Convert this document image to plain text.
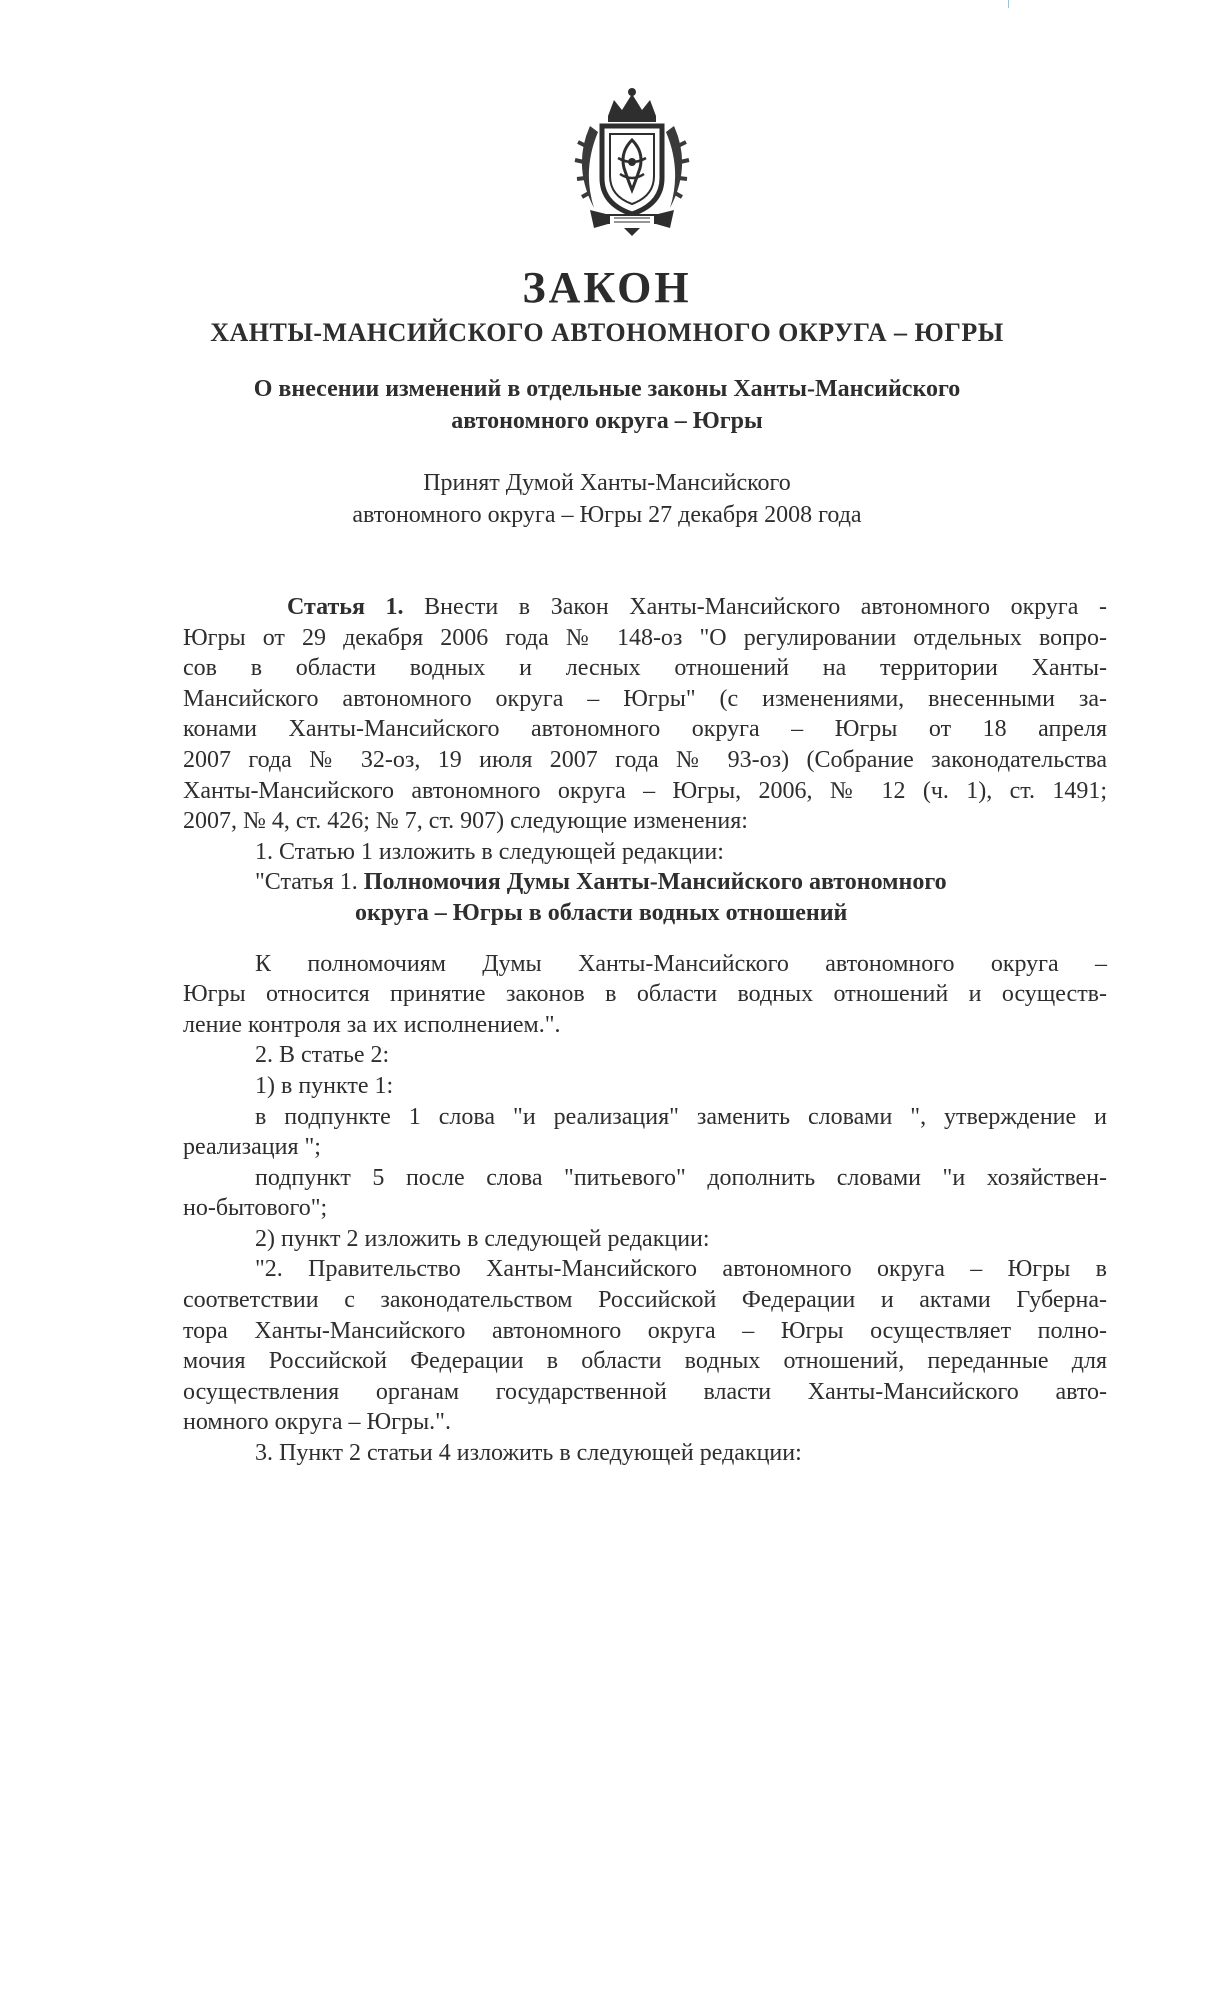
ЗАКОН
ХАНТЫ-МАНСИЙСКОГО АВТОНОМНОГО ОКРУГА – ЮГРЫ
О внесении изменений в отдельные законы Ханты-Мансийского
автономного округа – Югры
Принят Думой Ханты-Мансийского
автономного округа – Югры 27 декабря 2008 года
Статья 1. Внести в Закон Ханты-Мансийского автономного округа -
Югры от 29 декабря 2006 года № 148-оз "О регулировании отдельных вопро-
сов в области водных и лесных отношений на территории Ханты-
Мансийского автономного округа – Югры" (с изменениями, внесенными за-
конами Ханты-Мансийского автономного округа – Югры от 18 апреля
2007 года № 32-оз, 19 июля 2007 года № 93-оз) (Собрание законодательства
Ханты-Мансийского автономного округа – Югры, 2006, № 12 (ч. 1), ст. 1491;
2007, № 4, ст. 426; № 7, ст. 907) следующие изменения:
1. Статью 1 изложить в следующей редакции:
"Статья 1. Полномочия Думы Ханты-Мансийского автономного
округа – Югры в области водных отношений
К полномочиям Думы Ханты-Мансийского автономного округа –
Югры относится принятие законов в области водных отношений и осуществ-
ление контроля за их исполнением.".
2. В статье 2:
1) в пункте 1:
в подпункте 1 слова "и реализация" заменить словами ", утверждение и
реализация ";
подпункт 5 после слова "питьевого" дополнить словами "и хозяйствен-
но-бытового";
2) пункт 2 изложить в следующей редакции:
"2. Правительство Ханты-Мансийского автономного округа – Югры в
соответствии с законодательством Российской Федерации и актами Губерна-
тора Ханты-Мансийского автономного округа – Югры осуществляет полно-
мочия Российской Федерации в области водных отношений, переданные для
осуществления органам государственной власти Ханты-Мансийского авто-
номного округа – Югры.".
3. Пункт 2 статьи 4 изложить в следующей редакции:
